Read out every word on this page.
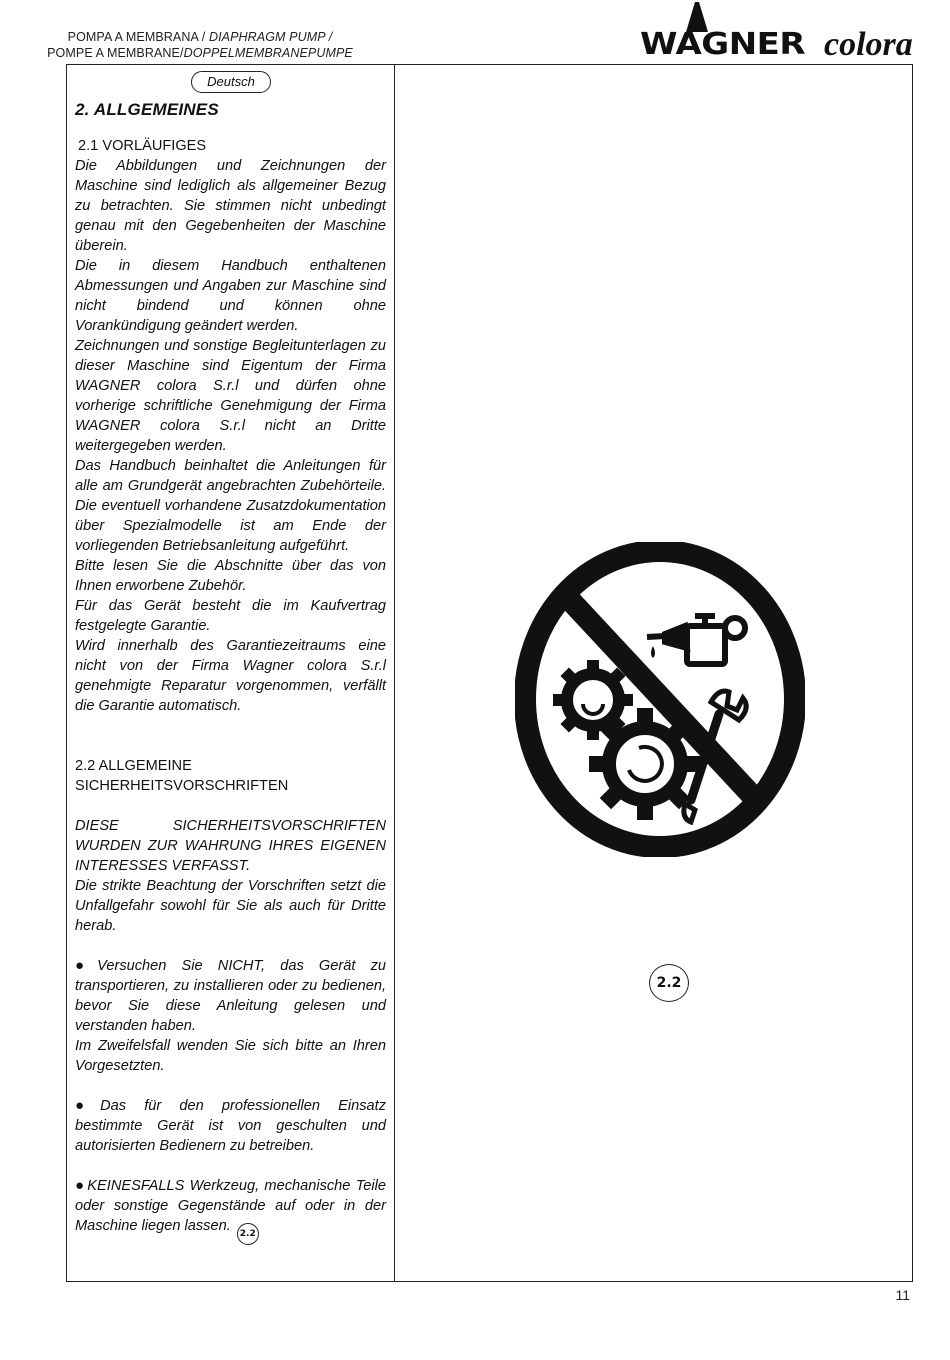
POMPA A MEMBRANA / DIAPHRAGM PUMP /
POMPE A MEMBRANE/DOPPELMEMBRANEPUMPE	WAGNER colora
Deutsch
2. ALLGEMEINES

2.1 VORLÄUFIGES

Die Abbildungen und Zeichnungen der Maschine sind lediglich als allgemeiner Bezug zu betrachten. Sie stimmen nicht unbedingt genau mit den Gegebenheiten der Maschine überein.

Die in diesem Handbuch enthaltenen Abmessungen und Angaben zur Maschine sind nicht bindend und können ohne Vorankündigung geändert werden.

Zeichnungen und sonstige Begleitunterlagen zu dieser Maschine sind Eigentum der Firma WAGNER colora S.r.l und dürfen ohne vorherige schriftliche Genehmigung der Firma WAGNER colora S.r.l nicht an Dritte weitergegeben werden.

Das Handbuch beinhaltet die Anleitungen für alle am Grundgerät angebrachten Zubehörteile. Die eventuell vorhandene Zusatzdokumentation über Spezialmodelle ist am Ende der vorliegenden Betriebsanleitung aufgeführt.

Bitte lesen Sie die Abschnitte über das von Ihnen erworbene Zubehör.

Für das Gerät besteht die im Kaufvertrag festgelegte Garantie.

Wird innerhalb des Garantiezeitraums eine nicht von der Firma Wagner colora S.r.l genehmigte Reparatur vorgenommen, verfällt die Garantie automatisch.

2.2 ALLGEMEINE

SICHERHEITSVORSCHRIFTEN

DIESE SICHERHEITSVORSCHRIFTEN WURDEN ZUR WAHRUNG IHRES EIGENEN INTERESSES VERFASST.

Die strikte Beachtung der Vorschriften setzt die Unfallgefahr sowohl für Sie als auch für Dritte herab.

● Versuchen Sie NICHT, das Gerät zu transportieren, zu installieren oder zu bedienen, bevor Sie diese Anleitung gelesen und verstanden haben.

Im Zweifelsfall wenden Sie sich bitte an Ihren Vorgesetzten.

● Das für den professionellen Einsatz bestimmte Gerät ist von geschulten und autorisierten Bedienern zu betreiben.

● KEINESFALLS Werkzeug, mechanische Teile oder sonstige Gegenstände auf oder in der Maschine liegen lassen. 2.2

2.2
11
